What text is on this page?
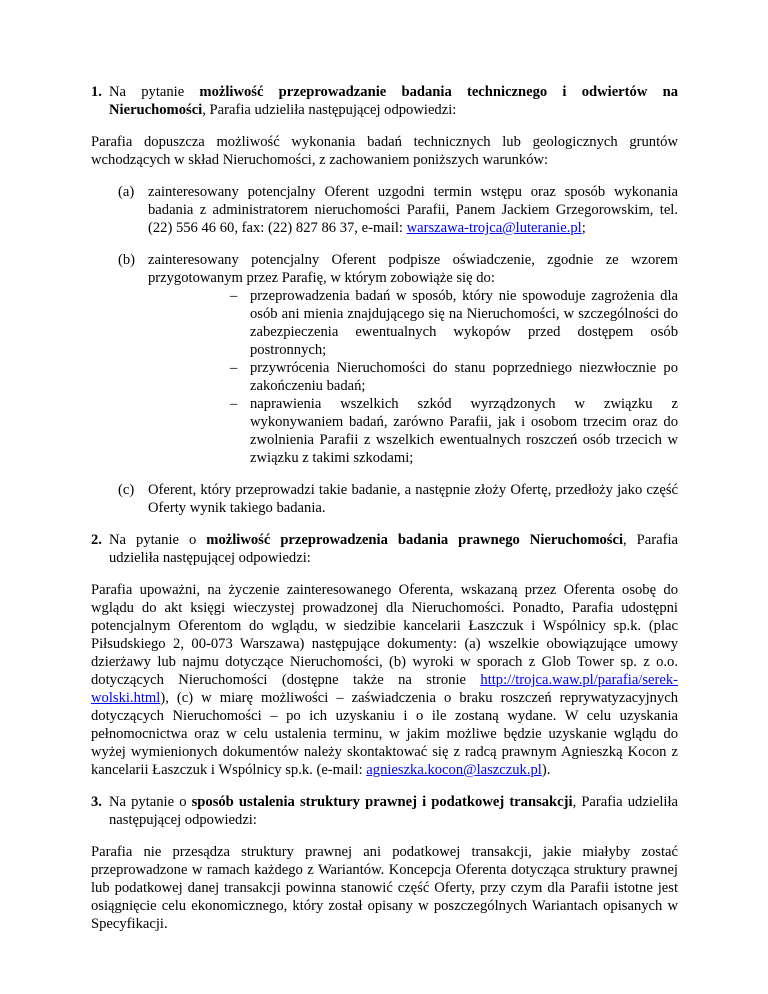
1. Na pytanie możliwość przeprowadzanie badania technicznego i odwiertów na Nieruchomości, Parafia udzieliła następującej odpowiedzi:

Parafia dopuszcza możliwość wykonania badań technicznych lub geologicznych gruntów wchodzących w skład Nieruchomości, z zachowaniem poniższych warunków:

(a) zainteresowany potencjalny Oferent uzgodni termin wstępu oraz sposób wykonania badania z administratorem nieruchomości Parafii, Panem Jackiem Grzegorowskim, tel. (22) 556 46 60, fax: (22) 827 86 37, e-mail: warszawa-trojca@luteranie.pl;
(b) zainteresowany potencjalny Oferent podpisze oświadczenie, zgodnie ze wzorem przygotowanym przez Parafię, w którym zobowiąże się do:

– przeprowadzenia badań w sposób, który nie spowoduje zagrożenia dla osób ani mienia znajdującego się na Nieruchomości, w szczególności do zabezpieczenia ewentualnych wykopów przed dostępem osób postronnych;

– przywrócenia Nieruchomości do stanu poprzedniego niezwłocznie po zakończeniu badań;

– naprawienia wszelkich szkód wyrządzonych w związku z wykonywaniem badań, zarówno Parafii, jak i osobom trzecim oraz do zwolnienia Parafii z wszelkich ewentualnych roszczeń osób trzecich w związku z takimi szkodami;

(c) Oferent, który przeprowadzi takie badanie, a następnie złoży Ofertę, przedłoży jako część Oferty wynik takiego badania.

2. Na pytanie o możliwość przeprowadzenia badania prawnego Nieruchomości, Parafia udzieliła następującej odpowiedzi:

Parafia upoważni, na życzenie zainteresowanego Oferenta, wskazaną przez Oferenta osobę do wglądu do akt księgi wieczystej prowadzonej dla Nieruchomości. Ponadto, Parafia udostępni potencjalnym Oferentom do wglądu, w siedzibie kancelarii Łaszczuk i Wspólnicy sp.k. (plac Piłsudskiego 2, 00-073 Warszawa) następujące dokumenty: (a) wszelkie obowiązujące umowy dzierżawy lub najmu dotyczące Nieruchomości, (b) wyroki w sporach z Glob Tower sp. z o.o. dotyczących Nieruchomości (dostępne także na stronie http://trojca.waw.pl/parafia/serek-wolski.html), (c) w miarę możliwości – zaświadczenia o braku roszczeń reprywatyzacyjnych dotyczących Nieruchomości – po ich uzyskaniu i o ile zostaną wydane. W celu uzyskania pełnomocnictwa oraz w celu ustalenia terminu, w jakim możliwe będzie uzyskanie wglądu do wyżej wymienionych dokumentów należy skontaktować się z radcą prawnym Agnieszką Kocon z kancelarii Łaszczuk i Wspólnicy sp.k. (e-mail: agnieszka.kocon@laszczuk.pl).

3. Na pytanie o sposób ustalenia struktury prawnej i podatkowej transakcji, Parafia udzieliła następującej odpowiedzi:

Parafia nie przesądza struktury prawnej ani podatkowej transakcji, jakie miałyby zostać przeprowadzone w ramach każdego z Wariantów. Koncepcja Oferenta dotycząca struktury prawnej lub podatkowej danej transakcji powinna stanowić część Oferty, przy czym dla Parafii istotne jest osiągnięcie celu ekonomicznego, który został opisany w poszczególnych Wariantach opisanych w Specyfikacji.
